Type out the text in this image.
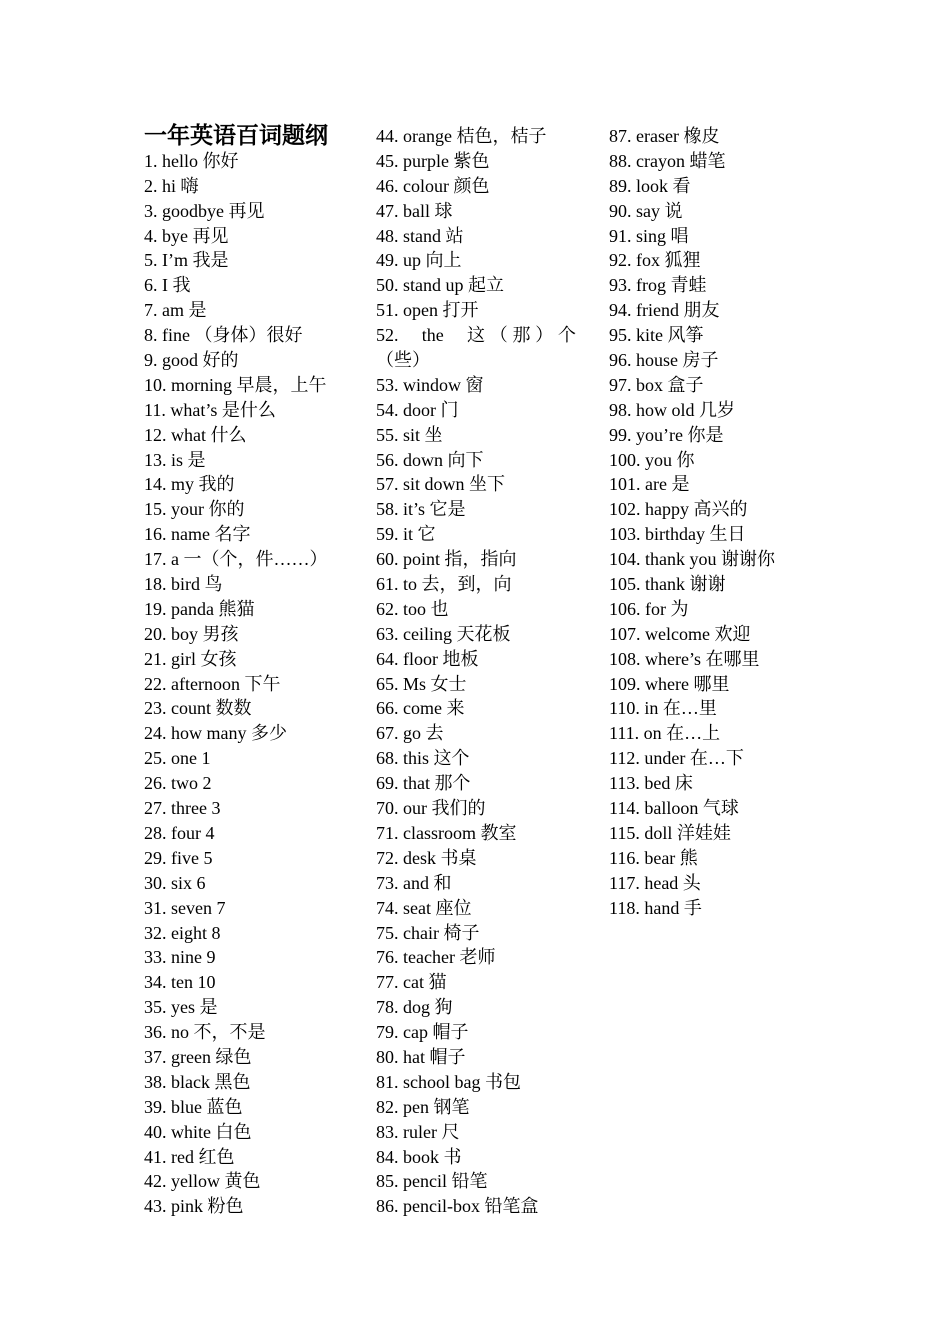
一年英语百词题纲
1. hello 你好
2. hi 嗨
3. goodbye 再见
4. bye 再见
5. I’m 我是
6. I 我
7. am 是
8. fine （身体）很好
9. good 好的
10. morning 早晨，上午
11. what’s 是什么
12. what 什么
13. is 是
14. my 我的
15. your 你的
16. name 名字
17. a 一（个，件……）
18. bird 鸟
19. panda 熊猫
20. boy 男孩
21. girl 女孩
22. afternoon 下午
23. count 数数
24. how many 多少
25. one 1
26. two 2
27. three 3
28. four 4
29. five 5
30. six 6
31. seven 7
32. eight 8
33. nine 9
34. ten 10
35. yes 是
36. no 不，不是
37. green 绿色
38. black 黑色
39. blue 蓝色
40. white 白色
41. red 红色
42. yellow 黄色
43. pink 粉色
44. orange 桔色，桔子
45. purple 紫色
46. colour 颜色
47. ball 球
48. stand 站
49. up 向上
50. stand up 起立
51. open 打开
52. the 这（那）个
（些）
53. window 窗
54. door 门
55. sit 坐
56. down 向下
57. sit down 坐下
58. it’s 它是
59. it 它
60. point 指，指向
61. to 去，到，向
62. too 也
63. ceiling 天花板
64. floor 地板
65. Ms 女士
66. come 来
67. go 去
68. this 这个
69. that 那个
70. our 我们的
71. classroom 教室
72. desk 书桌
73. and 和
74. seat 座位
75. chair 椅子
76. teacher 老师
77. cat 猫
78. dog 狗
79. cap 帽子
80. hat 帽子
81. school bag 书包
82. pen 钢笔
83. ruler 尺
84. book 书
85. pencil 铅笔
86. pencil-box 铅笔盒
87. eraser 橡皮
88. crayon 蜡笔
89. look 看
90. say 说
91. sing 唱
92. fox 狐狸
93. frog 青蛙
94. friend 朋友
95. kite 风筝
96. house 房子
97. box 盒子
98. how old 几岁
99. you’re 你是
100. you 你
101. are 是
102. happy 高兴的
103. birthday 生日
104. thank you 谢谢你
105. thank 谢谢
106. for 为
107. welcome 欢迎
108. where’s 在哪里
109. where 哪里
110. in 在…里
111. on 在…上
112. under 在…下
113. bed 床
114. balloon 气球
115. doll 洋娃娃
116. bear 熊
117. head 头
118. hand 手
